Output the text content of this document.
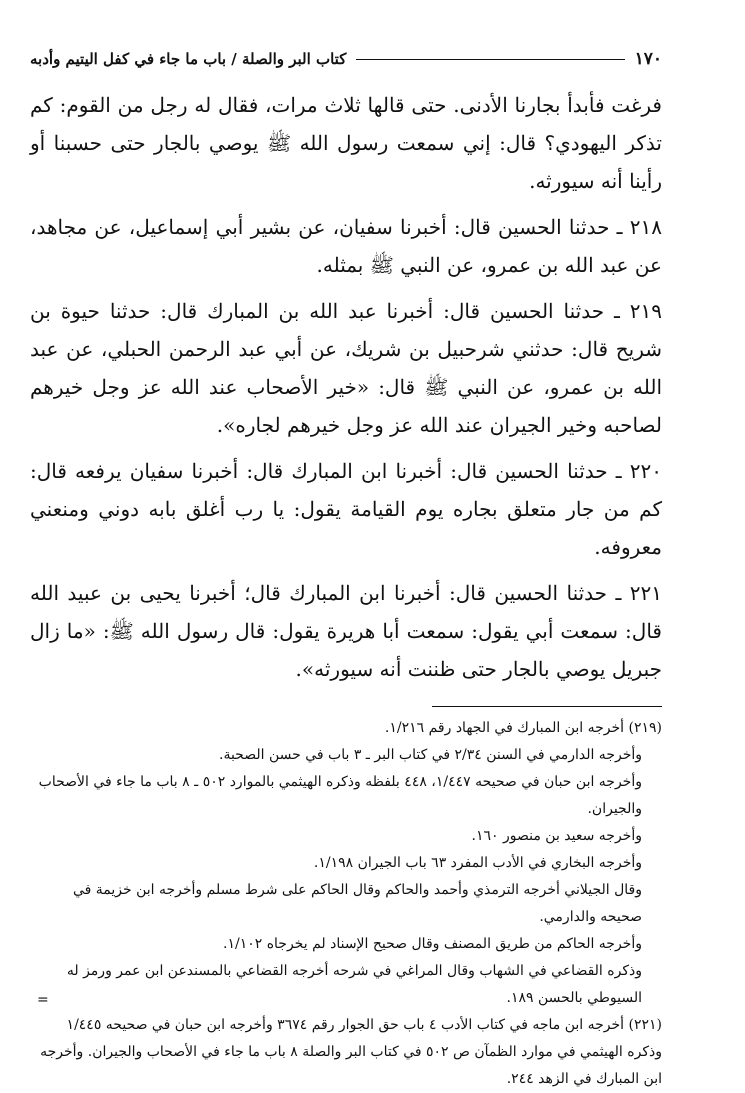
١٧٠
كتاب البر والصلة / باب ما جاء في كفل اليتيم وأدبه

فرغت فأبدأ بجارنا الأدنى. حتى قالها ثلاث مرات، فقال له رجل من القوم: كم تذكر اليهودي؟ قال: إني سمعت رسول الله ﷺ يوصي بالجار حتى حسبنا أو رأينا أنه سيورثه.

٢١٨ ـ حدثنا الحسين قال: أخبرنا سفيان، عن بشير أبي إسماعيل، عن مجاهد، عن عبد الله بن عمرو، عن النبي ﷺ بمثله.

٢١٩ ـ حدثنا الحسين قال: أخبرنا عبد الله بن المبارك قال: حدثنا حيوة بن شريح قال: حدثني شرحبيل بن شريك، عن أبي عبد الرحمن الحبلي، عن عبد الله بن عمرو، عن النبي ﷺ قال: «خير الأصحاب عند الله عز وجل خيرهم لصاحبه وخير الجيران عند الله عز وجل خيرهم لجاره».

٢٢٠ ـ حدثنا الحسين قال: أخبرنا ابن المبارك قال: أخبرنا سفيان يرفعه قال: كم من جار متعلق بجاره يوم القيامة يقول: يا رب أغلق بابه دوني ومنعني معروفه.

٢٢١ ـ حدثنا الحسين قال: أخبرنا ابن المبارك قال؛ أخبرنا يحيى بن عبيد الله قال: سمعت أبي يقول: سمعت أبا هريرة يقول: قال رسول الله ﷺ: «ما زال جبريل يوصي بالجار حتى ظننت أنه سيورثه».

(٢١٩) أخرجه ابن المبارك في الجهاد رقم ١/٢١٦.
وأخرجه الدارمي في السنن ٢/٣٤ في كتاب البر ـ ٣ باب في حسن الصحبة.
وأخرجه ابن حبان في صحيحه ١/٤٤٧، ٤٤٨ بلفظه وذكره الهيثمي بالموارد ٥٠٢ ـ ٨ باب ما جاء في الأصحاب والجيران.
وأخرجه سعيد بن منصور ١٦٠.
وأخرجه البخاري في الأدب المفرد ٦٣ باب الجيران ١/١٩٨.
وقال الجيلاني أخرجه الترمذي وأحمد والحاكم وقال الحاكم على شرط مسلم وأخرجه ابن خزيمة في صحيحه والدارمي.
وأخرجه الحاكم من طريق المصنف وقال صحيح الإسناد لم يخرجاه ١/١٠٢.
وذكره القضاعي في الشهاب وقال المراغي في شرحه أخرجه القضاعي بالمسندعن ابن عمر ورمز له السيوطي بالحسن ١٨٩.
(٢٢١) أخرجه ابن ماجه في كتاب الأدب ٤ باب حق الجوار رقم ٣٦٧٤ وأخرجه ابن حبان في صحيحه ١/٤٤٥ وذكره الهيثمي في موارد الظمآن ص ٥٠٢ في كتاب البر والصلة ٨ باب ما جاء في الأصحاب والجيران. وأخرجه ابن المبارك في الزهد ٢٤٤.
=
